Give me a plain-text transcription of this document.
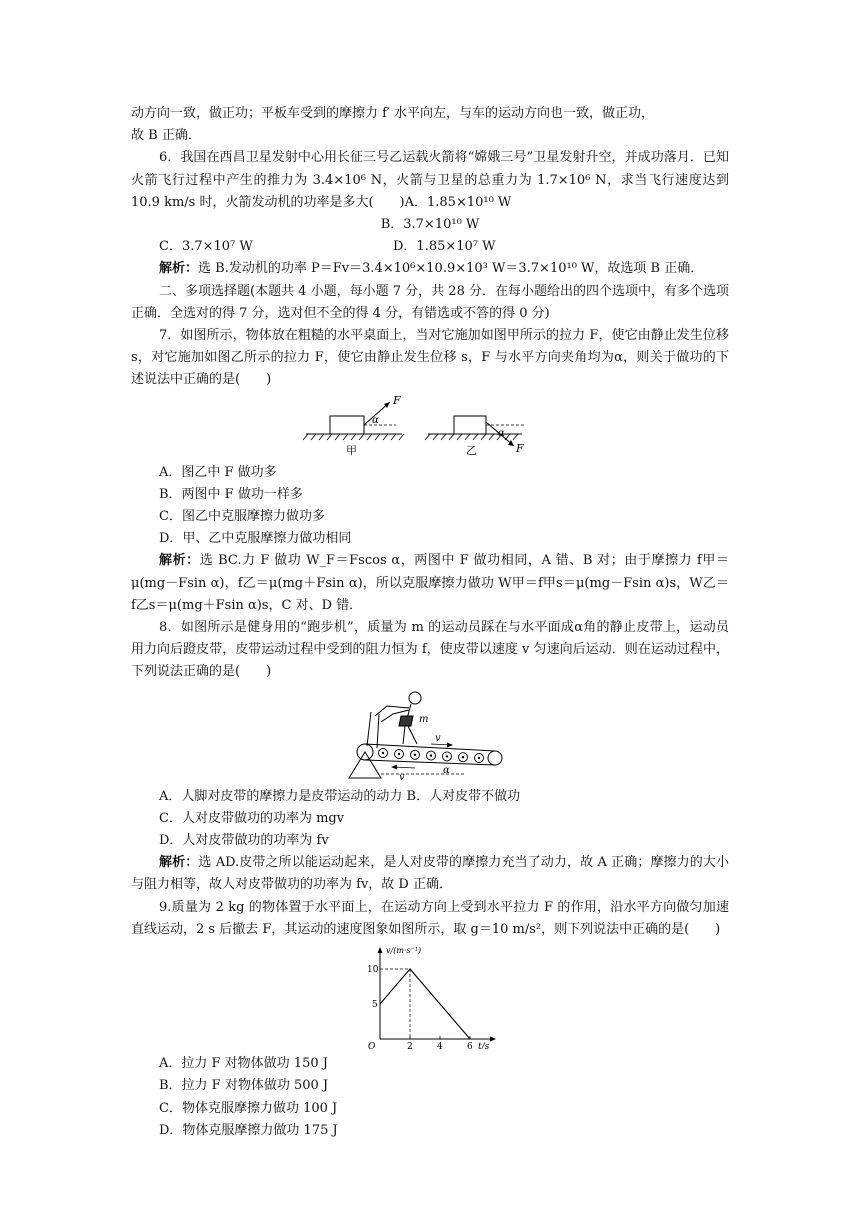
动方向一致，做正功；平板车受到的摩擦力 f′ 水平向左，与车的运动方向也一致，做正功，

故 B 正确．

6．我国在西昌卫星发射中心用长征三号乙运载火箭将“嫦娥三号”卫星发射升空，并成功落月．已知火箭飞行过程中产生的推力为 3.4×10⁶ N，火箭与卫星的总重力为 1.7×10⁶ N，求当飞行速度达到 10.9 km/s 时，火箭发动机的功率是多大(　　)A．1.85×10¹⁰ W

B．3.7×10¹⁰ W

C．3.7×10⁷ W	D．1.85×10⁷ W

解析：选 B.发动机的功率 P＝Fv＝3.4×10⁶×10.9×10³ W＝3.7×10¹⁰ W，故选项 B 正确．

二、多项选择题(本题共 4 小题，每小题 7 分，共 28 分．在每小题给出的四个选项中，有多个选项正确．全选对的得 7 分，选对但不全的得 4 分，有错选或不答的得 0 分)

7．如图所示，物体放在粗糙的水平桌面上，当对它施加如图甲所示的拉力 F，使它由静止发生位移 s，对它施加如图乙所示的拉力 F，使它由静止发生位移 s，F 与水平方向夹角均为α，则关于做功的下述说法中正确的是(　　)

F
α
甲	F
α
乙

A．图乙中 F 做功多

B．两图中 F 做功一样多

C．图乙中克服摩擦力做功多

D．甲、乙中克服摩擦力做功相同

解析：选 BC.力 F 做功 W_F＝Fscos α，两图中 F 做功相同，A 错、B 对；由于摩擦力 f甲＝μ(mg－Fsin α)，f乙＝μ(mg＋Fsin α)，所以克服摩擦力做功 W甲＝f甲s＝μ(mg－Fsin α)s，W乙＝f乙s＝μ(mg＋Fsin α)s，C 对、D 错．

8．如图所示是健身用的“跑步机”，质量为 m 的运动员踩在与水平面成α角的静止皮带上，运动员用力向后蹬皮带，皮带运动过程中受到的阻力恒为 f，使皮带以速度 v 匀速向后运动．则在运动过程中，下列说法正确的是(　　)

v
v
α
m

A．人脚对皮带的摩擦力是皮带运动的动力 B．人对皮带不做功

C．人对皮带做功的功率为 mgv

D．人对皮带做功的功率为 fv

解析：选 AD.皮带之所以能运动起来，是人对皮带的摩擦力充当了动力，故 A 正确；摩擦力的大小与阻力相等，故人对皮带做功的功率为 fv，故 D 正确．

9.质量为 2 kg 的物体置于水平面上，在运动方向上受到水平拉力 F 的作用，沿水平方向做匀加速直线运动，2 s 后撤去 F，其运动的速度图象如图所示，取 g＝10 m/s²，则下列说法中正确的是(　　)

v/(m·s⁻¹)
t/s
O	2	4	6
5
10

A．拉力 F 对物体做功 150 J

B．拉力 F 对物体做功 500 J

C．物体克服摩擦力做功 100 J

D．物体克服摩擦力做功 175 J
